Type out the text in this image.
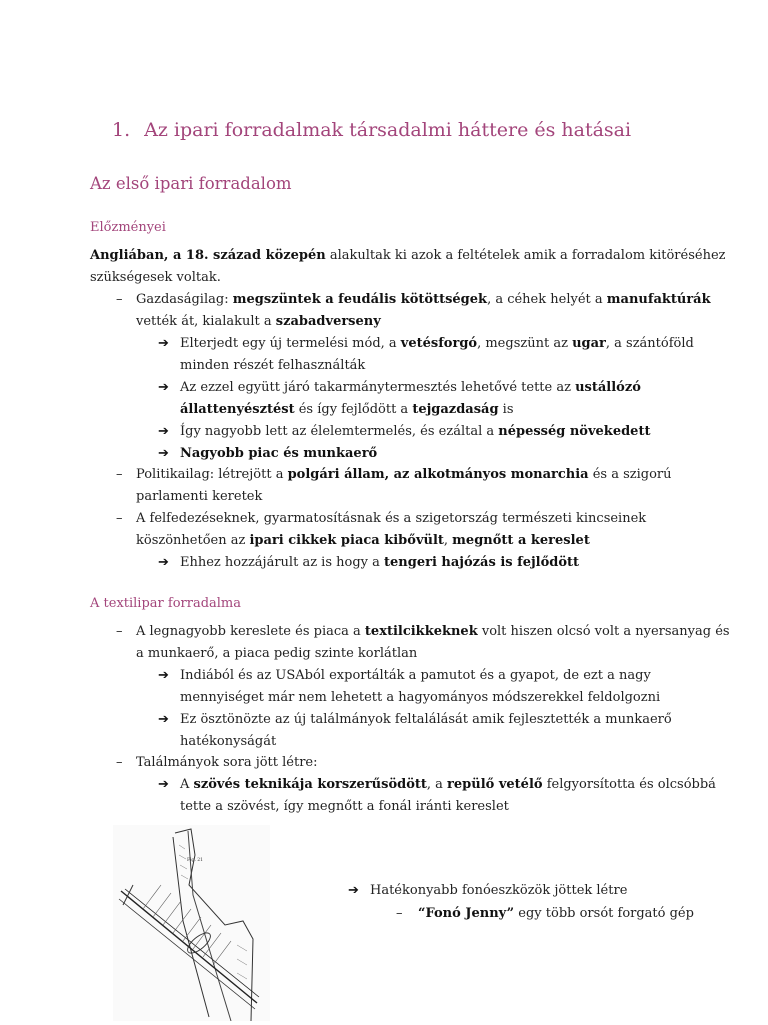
1. Az ipari forradalmak társadalmi háttere és hatásai
Az első ipari forradalom
Előzményei
Angliában, a 18. század közepén alakultak ki azok a feltételek amik a forradalom kitöréséhez
szükségesek voltak.
– Gazdaságilag: megszüntek a feudális kötöttségek, a céhek helyét a manufaktúrák
vették át, kialakult a szabadverseny
➔ Elterjedt egy új termelési mód, a vetésforgó, megszünt az ugar, a szántóföld
minden részét felhasználták
➔ Az ezzel együtt járó takarmánytermesztés lehetővé tette az ustállózó
állattenyésztést és így fejlődött a tejgazdaság is
➔ Így nagyobb lett az élelemtermelés, és ezáltal a népesség növekedett
➔ Nagyobb piac és munkaerő
– Politikailag: létrejött a polgári állam, az alkotmányos monarchia és a szigorú
parlamenti keretek
– A felfedezéseknek, gyarmatosításnak és a szigetország természeti kincseinek
köszönhetően az ipari cikkek piaca kibővült, megnőtt a kereslet
➔ Ehhez hozzájárult az is hogy a tengeri hajózás is fejlődött
A textilipar forradalma
– A legnagyobb kereslete és piaca a textilcikkeknek volt hiszen olcsó volt a nyersanyag és
a munkaerő, a piaca pedig szinte korlátlan
➔ Indiából és az USAból exportálták a pamutot és a gyapot, de ezt a nagy
mennyiséget már nem lehetett a hagyományos módszerekkel feldolgozni
➔ Ez ösztönözte az új találmányok feltalálását amik fejlesztették a munkaerő
hatékonyságát
– Találmányok sora jött létre:
➔ A szövés teknikája korszerűsödött, a repülő vetélő felgyorsította és olcsóbbá
tette a szövést, így megnőtt a fonál iránti kereslet
Fig. 21
➔ Hatékonyabb fonóeszközök jöttek létre
– “Fonó Jenny” egy több orsót forgató gép
